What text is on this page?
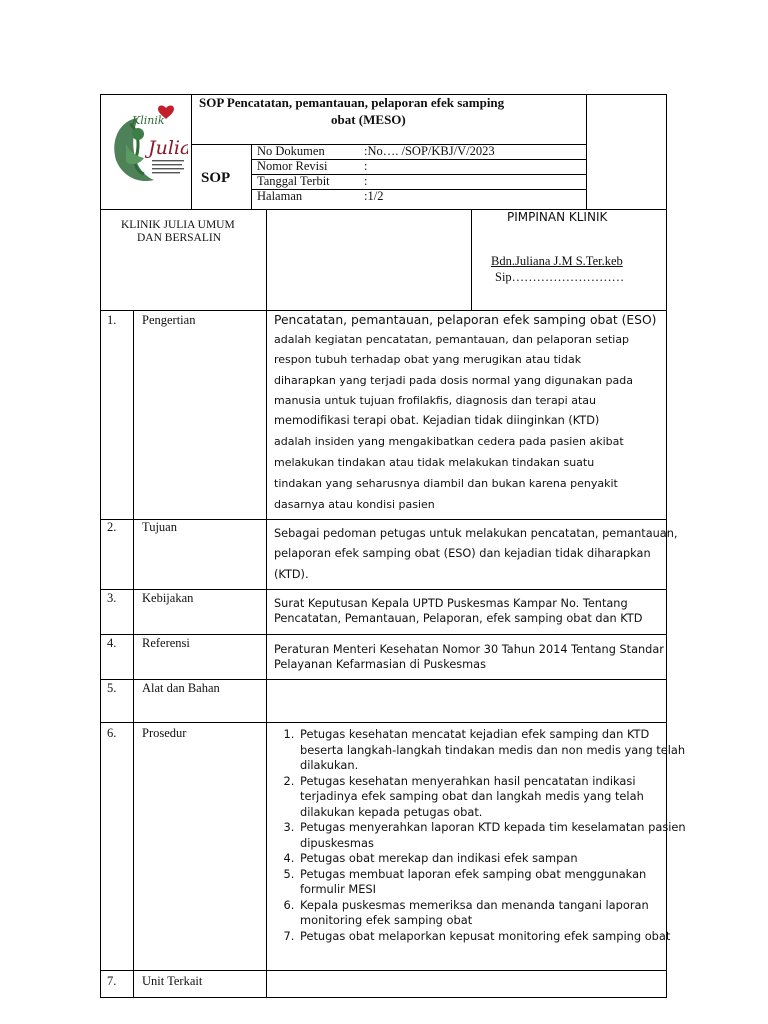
Klinik
Julia
SOP Pencatatan, pemantauan, pelaporan efek samping
obat (MESO)
SOP
No Dokumen	:No…. /SOP/KBJ/V/2023
Nomor Revisi	:
Tanggal Terbit	:
Halaman	:1/2
KLINIK JULIA UMUM
DAN BERSALIN
PIMPINAN KLINIK
Bdn.Juliana J.M S.Ter.keb
Sip………………………
1. Pengertian	Pencatatan, pemantauan, pelaporan efek samping obat (ESO)
adalah kegiatan pencatatan, pemantauan, dan pelaporan setiap
respon tubuh terhadap obat yang merugikan atau tidak
diharapkan yang terjadi pada dosis normal yang digunakan pada
manusia untuk tujuan frofilakfis, diagnosis dan terapi atau
memodifikasi terapi obat. Kejadian tidak diinginkan (KTD)
adalah insiden yang mengakibatkan cedera pada pasien akibat
melakukan tindakan atau tidak melakukan tindakan suatu
tindakan yang seharusnya diambil dan bukan karena penyakit
dasarnya atau kondisi pasien
2. Tujuan	Sebagai pedoman petugas untuk melakukan pencatatan, pemantauan,
pelaporan efek samping obat (ESO) dan kejadian tidak diharapkan
(KTD).
3. Kebijakan	Surat Keputusan Kepala UPTD Puskesmas Kampar No. Tentang
Pencatatan, Pemantauan, Pelaporan, efek samping obat dan KTD
4. Referensi	Peraturan Menteri Kesehatan Nomor 30 Tahun 2014 Tentang Standar
Pelayanan Kefarmasian di Puskesmas
5. Alat dan Bahan
6. Prosedur
1.	Petugas kesehatan mencatat kejadian efek samping dan KTD beserta langkah-langkah tindakan medis dan non medis yang telah dilakukan.
2. Petugas kesehatan menyerahkan hasil pencatatan indikasi terjadinya efek samping obat dan langkah medis yang telah dilakukan kepada petugas obat.
3. Petugas menyerahkan laporan KTD kepada tim keselamatan pasien dipuskesmas
4. Petugas obat merekap dan indikasi efek sampan
5. Petugas membuat laporan efek samping obat menggunakan formulir MESI
6. Kepala puskesmas memeriksa dan menanda tangani laporan monitoring efek samping obat
7. Petugas obat melaporkan kepusat monitoring efek samping obat
7. Unit Terkait
